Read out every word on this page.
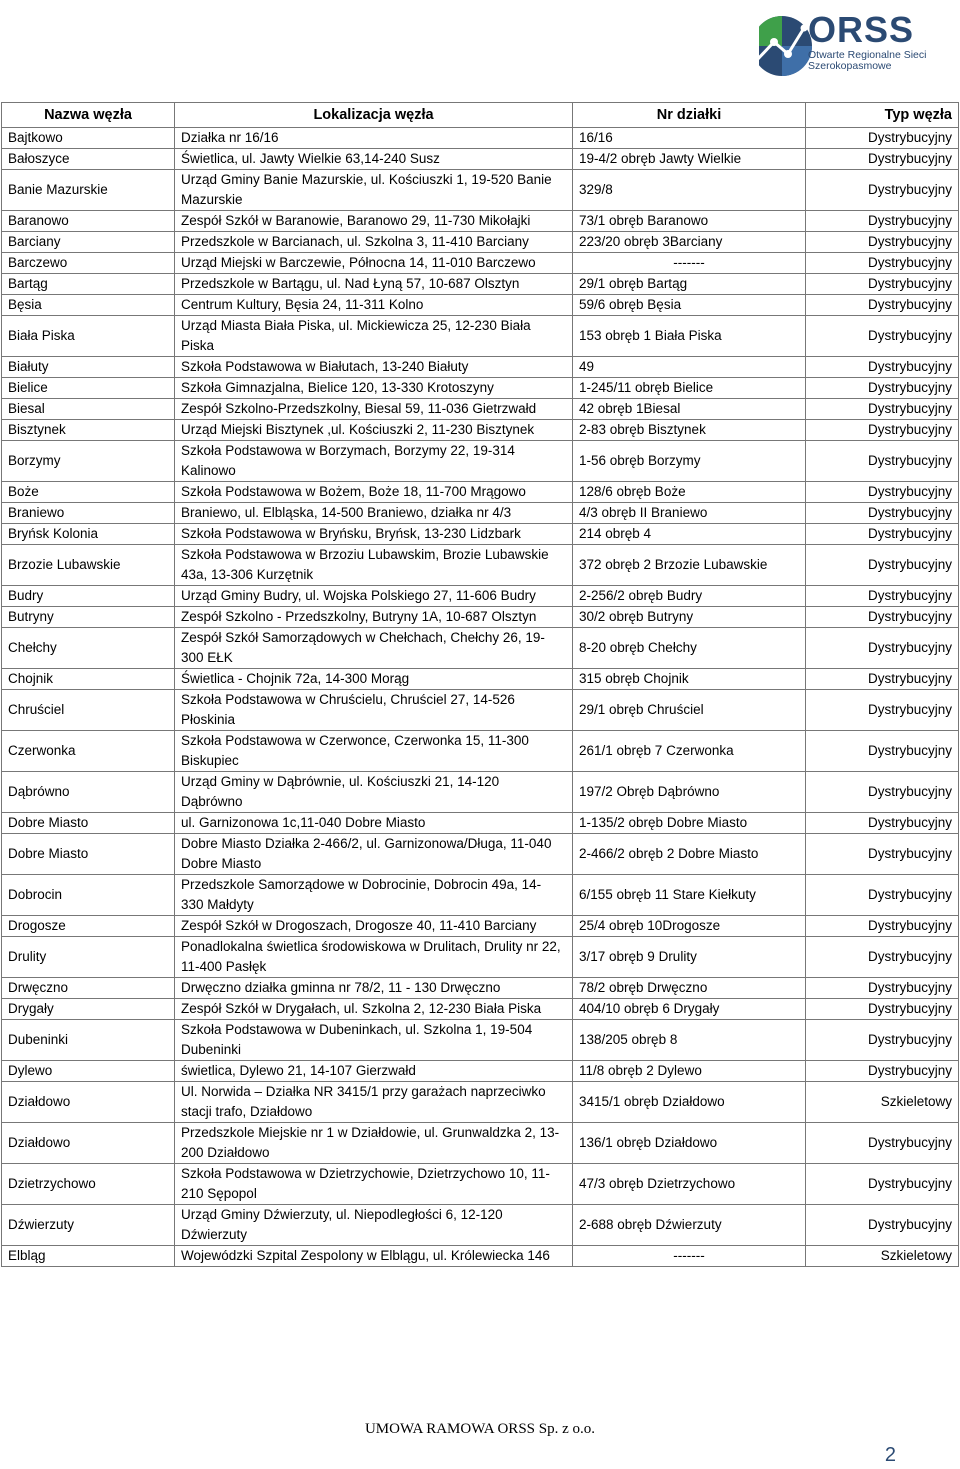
ORSS
Otwarte Regionalne Sieci Szerokopasmowe
Nazwa węzła	Lokalizacja węzła	Nr działki	Typ węzła
Bajtkowo	Działka nr 16/16	16/16	Dystrybucyjny
Bałoszyce	Świetlica, ul. Jawty Wielkie 63,14-240 Susz	19-4/2 obręb Jawty Wielkie	Dystrybucyjny
Banie Mazurskie	Urząd Gminy Banie Mazurskie, ul. Kościuszki 1, 19-520 Banie Mazurskie	329/8	Dystrybucyjny
Baranowo	Zespół Szkół w Baranowie, Baranowo 29, 11-730 Mikołajki	73/1 obręb Baranowo	Dystrybucyjny
Barciany	Przedszkole w Barcianach, ul. Szkolna 3, 11-410 Barciany	223/20 obręb 3Barciany	Dystrybucyjny
Barczewo	Urząd Miejski w Barczewie, Północna 14, 11-010 Barczewo	-------	Dystrybucyjny
Bartąg	Przedszkole w Bartągu, ul. Nad Łyną 57, 10-687 Olsztyn	29/1 obręb Bartąg	Dystrybucyjny
Bęsia	Centrum Kultury, Bęsia 24, 11-311 Kolno	59/6 obręb Bęsia	Dystrybucyjny
Biała Piska	Urząd Miasta Biała Piska, ul. Mickiewicza 25, 12-230 Biała Piska	153 obręb 1 Biała Piska	Dystrybucyjny
Białuty	Szkoła Podstawowa w Białutach, 13-240 Białuty	49	Dystrybucyjny
Bielice	Szkoła Gimnazjalna, Bielice 120, 13-330 Krotoszyny	1-245/11 obręb Bielice	Dystrybucyjny
Biesal	Zespół Szkolno-Przedszkolny, Biesal 59, 11-036 Gietrzwałd	42 obręb 1Biesal	Dystrybucyjny
Bisztynek	Urząd Miejski Bisztynek ,ul. Kościuszki 2, 11-230 Bisztynek	2-83 obręb Bisztynek	Dystrybucyjny
Borzymy	Szkoła Podstawowa w Borzymach, Borzymy 22, 19-314 Kalinowo	1-56 obręb Borzymy	Dystrybucyjny
Boże	Szkoła Podstawowa w Bożem, Boże 18, 11-700 Mrągowo	128/6 obręb Boże	Dystrybucyjny
Braniewo	Braniewo, ul. Elbląska, 14-500 Braniewo, działka nr 4/3	4/3 obręb II Braniewo	Dystrybucyjny
Bryńsk Kolonia	Szkoła Podstawowa w Bryńsku, Bryńsk, 13-230 Lidzbark	214 obręb 4	Dystrybucyjny
Brzozie Lubawskie	Szkoła Podstawowa w Brzoziu Lubawskim, Brozie Lubawskie 43a, 13-306 Kurzętnik	372 obręb 2 Brzozie Lubawskie	Dystrybucyjny
Budry	Urząd Gminy Budry, ul. Wojska Polskiego 27, 11-606 Budry	2-256/2 obręb Budry	Dystrybucyjny
Butryny	Zespół Szkolno - Przedszkolny, Butryny 1A, 10-687 Olsztyn	30/2 obręb Butryny	Dystrybucyjny
Chełchy	Zespół Szkół Samorządowych w Chełchach, Chełchy 26, 19-300 EŁK	8-20 obręb Chełchy	Dystrybucyjny
Chojnik	Świetlica - Chojnik 72a, 14-300 Morąg	315 obręb Chojnik	Dystrybucyjny
Chruściel	Szkoła Podstawowa w Chruścielu, Chruściel 27, 14-526 Płoskinia	29/1 obręb Chruściel	Dystrybucyjny
Czerwonka	Szkoła Podstawowa w Czerwonce, Czerwonka 15, 11-300 Biskupiec	261/1 obręb 7 Czerwonka	Dystrybucyjny
Dąbrówno	Urząd Gminy w Dąbrównie, ul. Kościuszki 21, 14-120 Dąbrówno	197/2 Obręb Dąbrówno	Dystrybucyjny
Dobre Miasto	ul. Garnizonowa 1c,11-040 Dobre Miasto	1-135/2 obręb Dobre Miasto	Dystrybucyjny
Dobre Miasto	Dobre Miasto Działka 2-466/2, ul. Garnizonowa/Długa, 11-040 Dobre Miasto	2-466/2 obręb 2 Dobre Miasto	Dystrybucyjny
Dobrocin	Przedszkole Samorządowe w Dobrocinie, Dobrocin 49a, 14-330 Małdyty	6/155 obręb 11 Stare Kiełkuty	Dystrybucyjny
Drogosze	Zespół Szkół w Drogoszach, Drogosze 40, 11-410 Barciany	25/4 obręb 10Drogosze	Dystrybucyjny
Drulity	Ponadlokalna świetlica środowiskowa w Drulitach, Drulity nr 22, 11-400 Pasłęk	3/17 obręb 9 Drulity	Dystrybucyjny
Drwęczno	Drwęczno działka gminna nr 78/2, 11 - 130 Drwęczno	78/2 obręb Drwęczno	Dystrybucyjny
Drygały	Zespół Szkół w Drygałach, ul. Szkolna 2, 12-230 Biała Piska	404/10 obręb 6 Drygały	Dystrybucyjny
Dubeninki	Szkoła Podstawowa w Dubeninkach, ul. Szkolna 1, 19-504 Dubeninki	138/205 obręb 8	Dystrybucyjny
Dylewo	świetlica, Dylewo 21, 14-107 Gierzwałd	11/8 obręb 2 Dylewo	Dystrybucyjny
Działdowo	Ul. Norwida – Działka NR 3415/1 przy garażach naprzeciwko stacji trafo, Działdowo	3415/1 obręb Działdowo	Szkieletowy
Działdowo	Przedszkole Miejskie nr 1 w Działdowie, ul. Grunwaldzka 2, 13-200 Działdowo	136/1 obręb Działdowo	Dystrybucyjny
Dzietrzychowo	Szkoła Podstawowa w Dzietrzychowie, Dzietrzychowo 10, 11-210 Sępopol	47/3 obręb Dzietrzychowo	Dystrybucyjny
Dźwierzuty	Urząd Gminy Dźwierzuty, ul. Niepodległości 6, 12-120 Dźwierzuty	2-688 obręb Dźwierzuty	Dystrybucyjny
Elbląg	Wojewódzki Szpital Zespolony w Elblągu, ul. Królewiecka 146	-------	Szkieletowy
UMOWA RAMOWA ORSS Sp. z o.o.
2
